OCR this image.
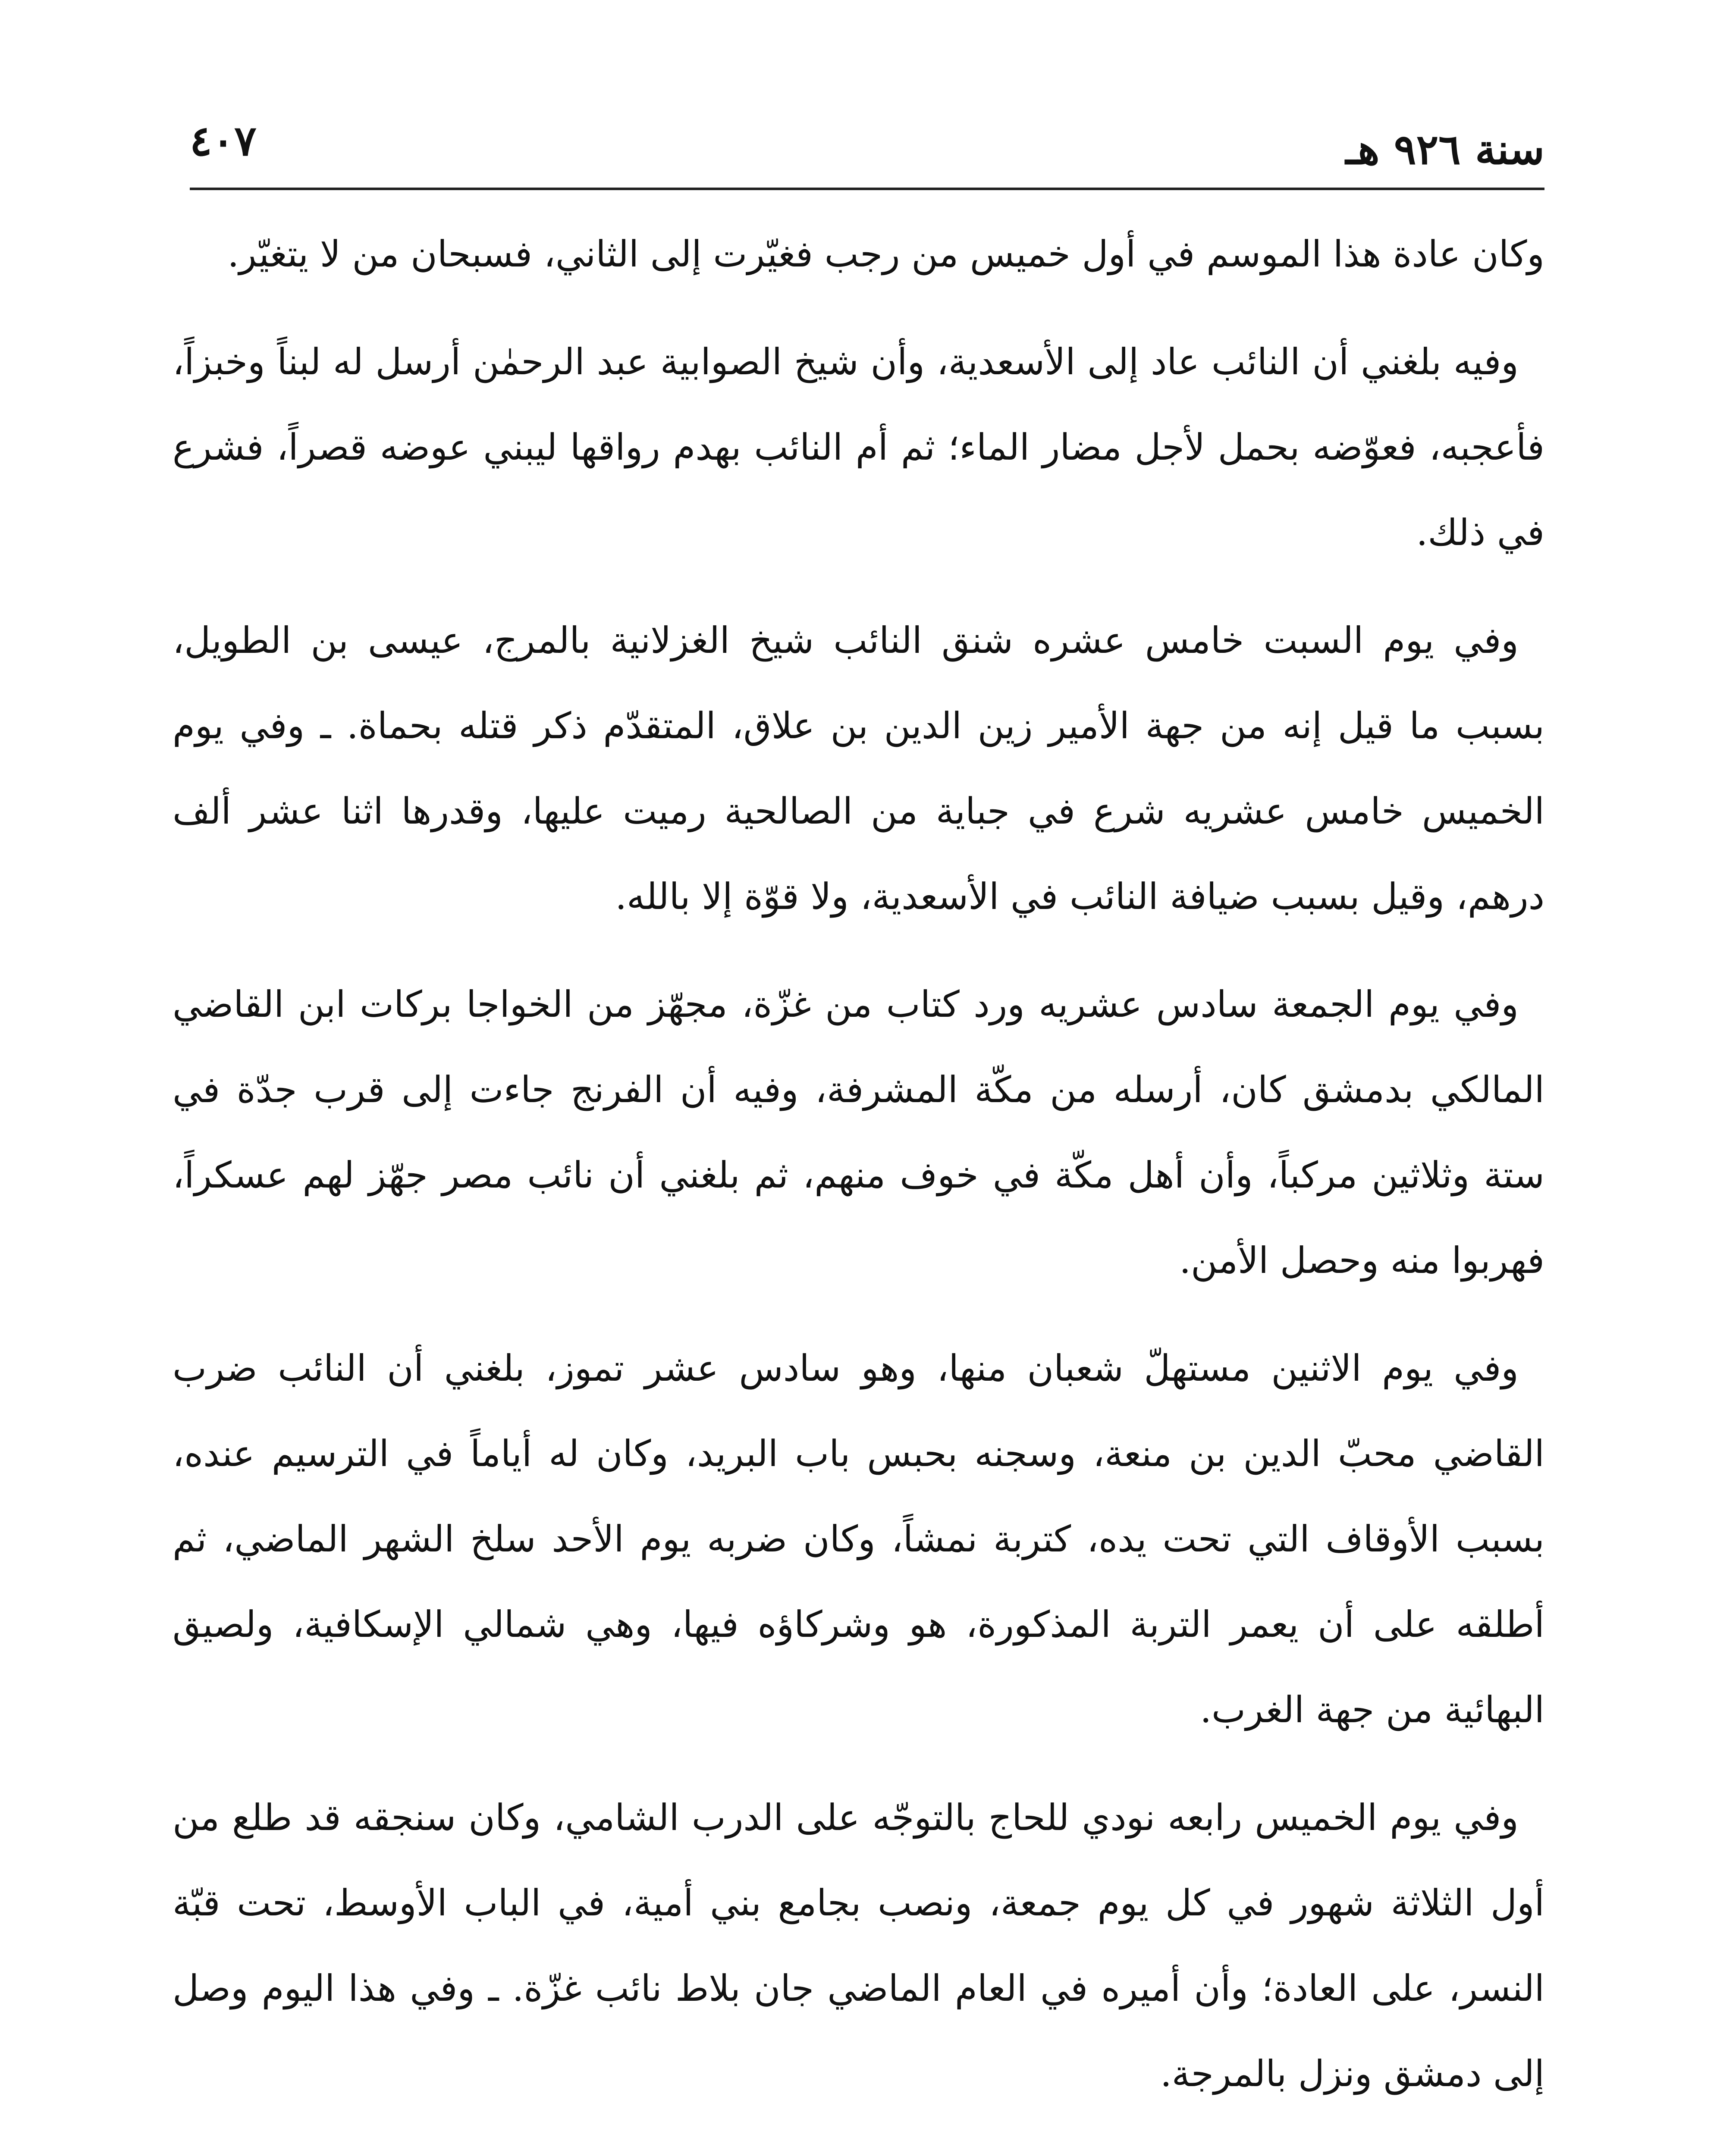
سنة ٩٢٦ هـ
٤٠٧

وكان عادة هذا الموسم في أول خميس من رجب فغيّرت إلى الثاني، فسبحان من لا يتغيّر.

وفيه بلغني أن النائب عاد إلى الأسعدية، وأن شيخ الصوابية عبد الرحمٰن أرسل له لبناً وخبزاً، فأعجبه، فعوّضه بحمل لأجل مضار الماء؛ ثم أم النائب بهدم رواقها ليبني عوضه قصراً، فشرع في ذلك.

وفي يوم السبت خامس عشره شنق النائب شيخ الغزلانية بالمرج، عيسى بن الطويل، بسبب ما قيل إنه من جهة الأمير زين الدين بن علاق، المتقدّم ذكر قتله بحماة. ـ وفي يوم الخميس خامس عشريه شرع في جباية من الصالحية رميت عليها، وقدرها اثنا عشر ألف درهم، وقيل بسبب ضيافة النائب في الأسعدية، ولا قوّة إلا بالله.

وفي يوم الجمعة سادس عشريه ورد كتاب من غزّة، مجهّز من الخواجا بركات ابن القاضي المالكي بدمشق كان، أرسله من مكّة المشرفة، وفيه أن الفرنج جاءت إلى قرب جدّة في ستة وثلاثين مركباً، وأن أهل مكّة في خوف منهم، ثم بلغني أن نائب مصر جهّز لهم عسكراً، فهربوا منه وحصل الأمن.

وفي يوم الاثنين مستهلّ شعبان منها، وهو سادس عشر تموز، بلغني أن النائب ضرب القاضي محبّ الدين بن منعة، وسجنه بحبس باب البريد، وكان له أياماً في الترسيم عنده، بسبب الأوقاف التي تحت يده، كتربة نمشاً، وكان ضربه يوم الأحد سلخ الشهر الماضي، ثم أطلقه على أن يعمر التربة المذكورة، هو وشركاؤه فيها، وهي شمالي الإسكافية، ولصيق البهائية من جهة الغرب.

وفي يوم الخميس رابعه نودي للحاج بالتوجّه على الدرب الشامي، وكان سنجقه قد طلع من أول الثلاثة شهور في كل يوم جمعة، ونصب بجامع بني أمية، في الباب الأوسط، تحت قبّة النسر، على العادة؛ وأن أميره في العام الماضي جان بلاط نائب غزّة. ـ وفي هذا اليوم وصل إلى دمشق ونزل بالمرجة.
